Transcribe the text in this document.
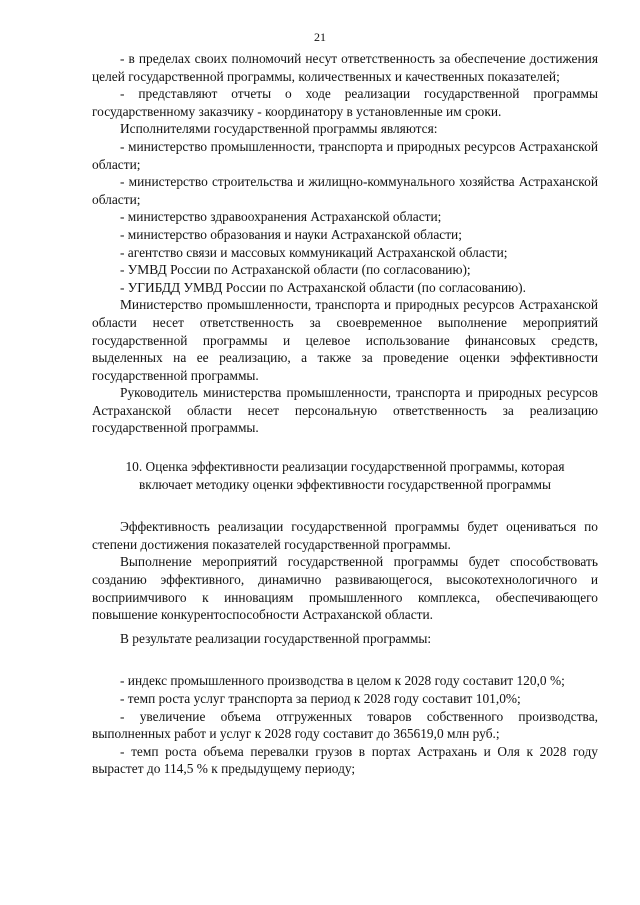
21

- в пределах своих полномочий несут ответственность за обеспечение достижения целей государственной программы, количественных и качественных показателей;

- представляют отчеты о ходе реализации государственной программы государственному заказчику - координатору в установленные им сроки.

Исполнителями государственной программы являются:

- министерство промышленности, транспорта и природных ресурсов Астраханской области;

- министерство строительства и жилищно-коммунального хозяйства Астраханской области;

- министерство здравоохранения Астраханской области;

- министерство образования и науки Астраханской области;

- агентство связи и массовых коммуникаций Астраханской области;

- УМВД России по Астраханской области (по согласованию);

- УГИБДД УМВД России по Астраханской области (по согласованию).

Министерство промышленности, транспорта и природных ресурсов Астраханской области несет ответственность за своевременное выполнение мероприятий государственной программы и целевое использование финансовых средств, выделенных на ее реализацию, а также за проведение оценки эффективности государственной программы.

Руководитель министерства промышленности, транспорта и природных ресурсов Астраханской области несет персональную ответственность за реализацию государственной программы.

10. Оценка эффективности реализации государственной программы, которая включает методику оценки эффективности государственной программы

Эффективность реализации государственной программы будет оцениваться по степени достижения показателей государственной программы.

Выполнение мероприятий государственной программы будет способствовать созданию эффективного, динамично развивающегося, высокотехнологичного и восприимчивого к инновациям промышленного комплекса, обеспечивающего повышение конкурентоспособности Астраханской области.

В результате реализации государственной программы:

- индекс промышленного производства в целом к 2028 году составит 120,0 %;

- темп роста услуг транспорта за период к 2028 году составит 101,0%;

- увеличение объема отгруженных товаров собственного производства, выполненных работ и услуг к 2028 году составит до 365619,0 млн руб.;

- темп роста объема перевалки грузов в портах Астрахань и Оля к 2028 году вырастет до 114,5 % к предыдущему периоду;
